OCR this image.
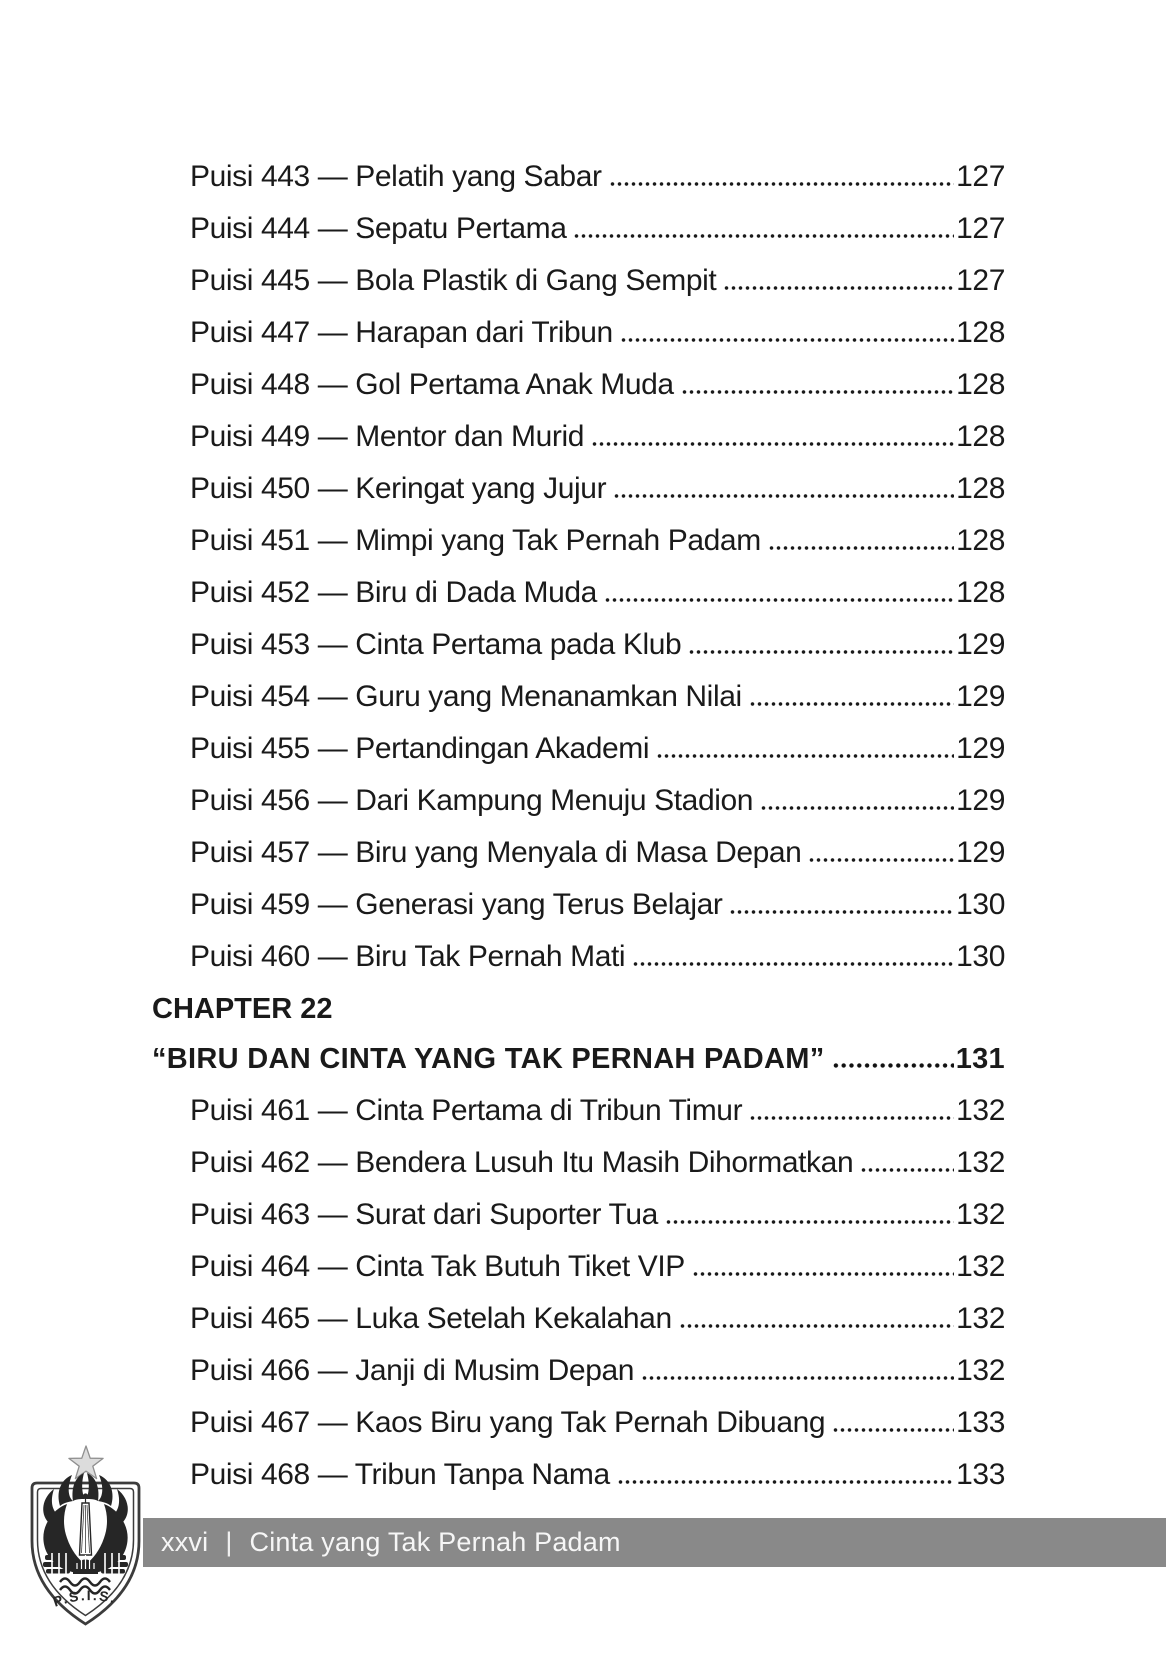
Puisi 443 — Pelatih yang Sabar	127
Puisi 444 — Sepatu Pertama	127
Puisi 445 — Bola Plastik di Gang Sempit	127
Puisi 447 — Harapan dari Tribun	128
Puisi 448 — Gol Pertama Anak Muda	128
Puisi 449 — Mentor dan Murid	128
Puisi 450 — Keringat yang Jujur	128
Puisi 451 — Mimpi yang Tak Pernah Padam	128
Puisi 452 — Biru di Dada Muda	128
Puisi 453 — Cinta Pertama pada Klub	129
Puisi 454 — Guru yang Menanamkan Nilai	129
Puisi 455 — Pertandingan Akademi	129
Puisi 456 — Dari Kampung Menuju Stadion	129
Puisi 457 — Biru yang Menyala di Masa Depan	129
Puisi 459 — Generasi yang Terus Belajar	130
Puisi 460 — Biru Tak Pernah Mati	130
CHAPTER 22
“BIRU DAN CINTA YANG TAK PERNAH PADAM”	131
Puisi 461 — Cinta Pertama di Tribun Timur	132
Puisi 462 — Bendera Lusuh Itu Masih Dihormatkan	132
Puisi 463 — Surat dari Suporter Tua	132
Puisi 464 — Cinta Tak Butuh Tiket VIP	132
Puisi 465 — Luka Setelah Kekalahan	132
Puisi 466 — Janji di Musim Depan	132
Puisi 467 — Kaos Biru yang Tak Pernah Dibuang	133
Puisi 468 — Tribun Tanpa Nama	133
xxvi | Cinta yang Tak Pernah Padam
P.S.I.S.
